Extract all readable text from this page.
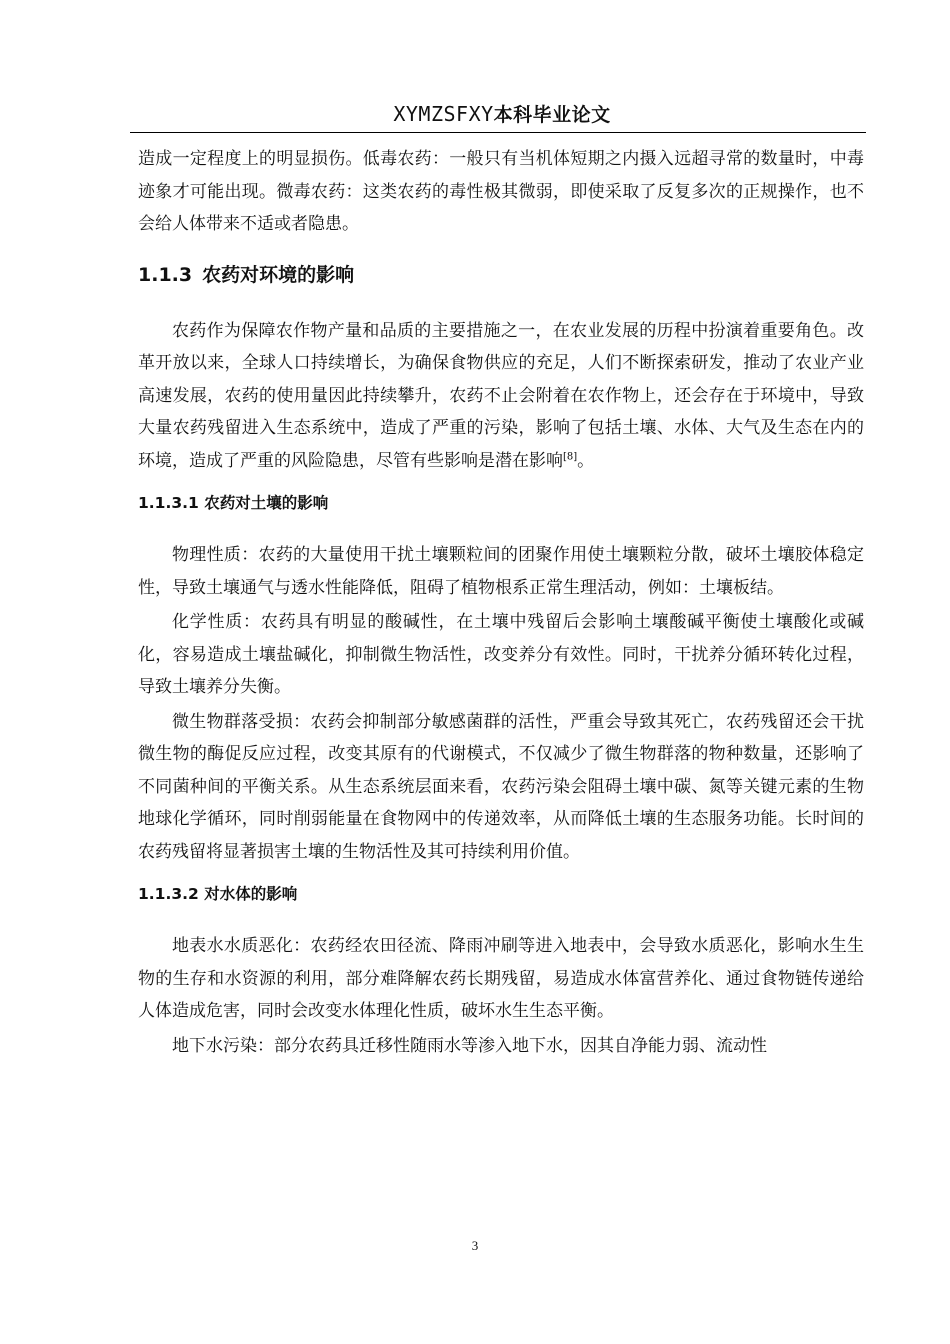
XYMZSFXY本科毕业论文

造成一定程度上的明显损伤。低毒农药：一般只有当机体短期之内摄入远超寻常的数量时，中毒迹象才可能出现。微毒农药：这类农药的毒性极其微弱，即使采取了反复多次的正规操作，也不会给人体带来不适或者隐患。

1.1.3 农药对环境的影响

农药作为保障农作物产量和品质的主要措施之一，在农业发展的历程中扮演着重要角色。改革开放以来，全球人口持续增长，为确保食物供应的充足，人们不断探索研发，推动了农业产业高速发展，农药的使用量因此持续攀升，农药不止会附着在农作物上，还会存在于环境中，导致大量农药残留进入生态系统中，造成了严重的污染，影响了包括土壤、水体、大气及生态在内的环境，造成了严重的风险隐患，尽管有些影响是潜在影响[8]。

1.1.3.1 农药对土壤的影响

物理性质：农药的大量使用干扰土壤颗粒间的团聚作用使土壤颗粒分散，破坏土壤胶体稳定性，导致土壤通气与透水性能降低，阻碍了植物根系正常生理活动，例如：土壤板结。

化学性质：农药具有明显的酸碱性，在土壤中残留后会影响土壤酸碱平衡使土壤酸化或碱化，容易造成土壤盐碱化，抑制微生物活性，改变养分有效性。同时，干扰养分循环转化过程，导致土壤养分失衡。

微生物群落受损：农药会抑制部分敏感菌群的活性，严重会导致其死亡，农药残留还会干扰微生物的酶促反应过程，改变其原有的代谢模式，不仅减少了微生物群落的物种数量，还影响了不同菌种间的平衡关系。从生态系统层面来看，农药污染会阻碍土壤中碳、氮等关键元素的生物地球化学循环，同时削弱能量在食物网中的传递效率，从而降低土壤的生态服务功能。长时间的农药残留将显著损害土壤的生物活性及其可持续利用价值。

1.1.3.2 对水体的影响

地表水水质恶化：农药经农田径流、降雨冲刷等进入地表中，会导致水质恶化，影响水生生物的生存和水资源的利用，部分难降解农药长期残留，易造成水体富营养化、通过食物链传递给人体造成危害，同时会改变水体理化性质，破坏水生生态平衡。

地下水污染：部分农药具迁移性随雨水等渗入地下水，因其自净能力弱、流动性

3
